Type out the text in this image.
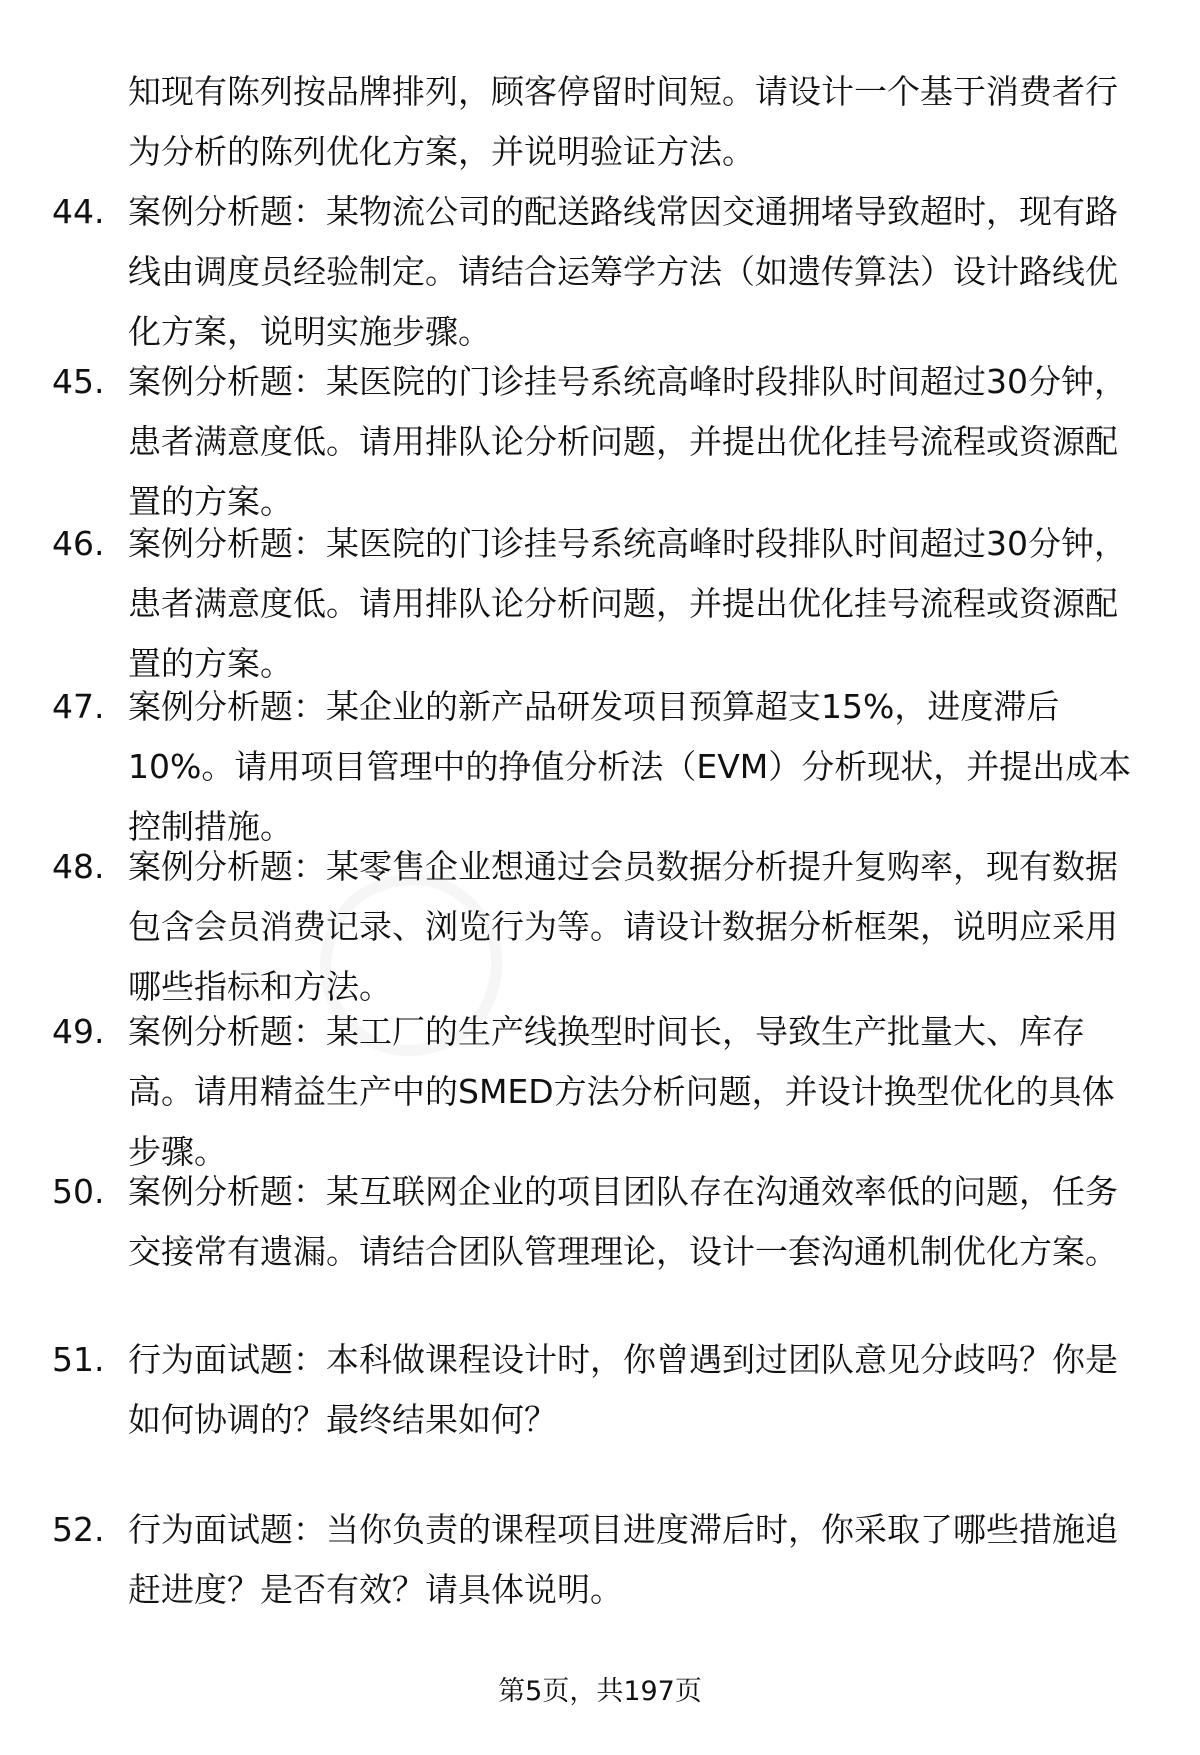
知现有陈列按品牌排列，顾客停留时间短。请设计一个基于消费者行为分析的陈列优化方案，并说明验证方法。
44. 案例分析题：某物流公司的配送路线常因交通拥堵导致超时，现有路线由调度员经验制定。请结合运筹学方法（如遗传算法）设计路线优化方案，说明实施步骤。
45. 案例分析题：某医院的门诊挂号系统高峰时段排队时间超过30分钟，患者满意度低。请用排队论分析问题，并提出优化挂号流程或资源配置的方案。
46. 案例分析题：某医院的门诊挂号系统高峰时段排队时间超过30分钟，患者满意度低。请用排队论分析问题，并提出优化挂号流程或资源配置的方案。
47. 案例分析题：某企业的新产品研发项目预算超支15%，进度滞后10%。请用项目管理中的挣值分析法（EVM）分析现状，并提出成本控制措施。
48. 案例分析题：某零售企业想通过会员数据分析提升复购率，现有数据包含会员消费记录、浏览行为等。请设计数据分析框架，说明应采用哪些指标和方法。
49. 案例分析题：某工厂的生产线换型时间长，导致生产批量大、库存高。请用精益生产中的SMED方法分析问题，并设计换型优化的具体步骤。
50. 案例分析题：某互联网企业的项目团队存在沟通效率低的问题，任务交接常有遗漏。请结合团队管理理论，设计一套沟通机制优化方案。
51. 行为面试题：本科做课程设计时，你曾遇到过团队意见分歧吗？你是如何协调的？最终结果如何？
52. 行为面试题：当你负责的课程项目进度滞后时，你采取了哪些措施追赶进度？是否有效？请具体说明。
第5页，共197页
